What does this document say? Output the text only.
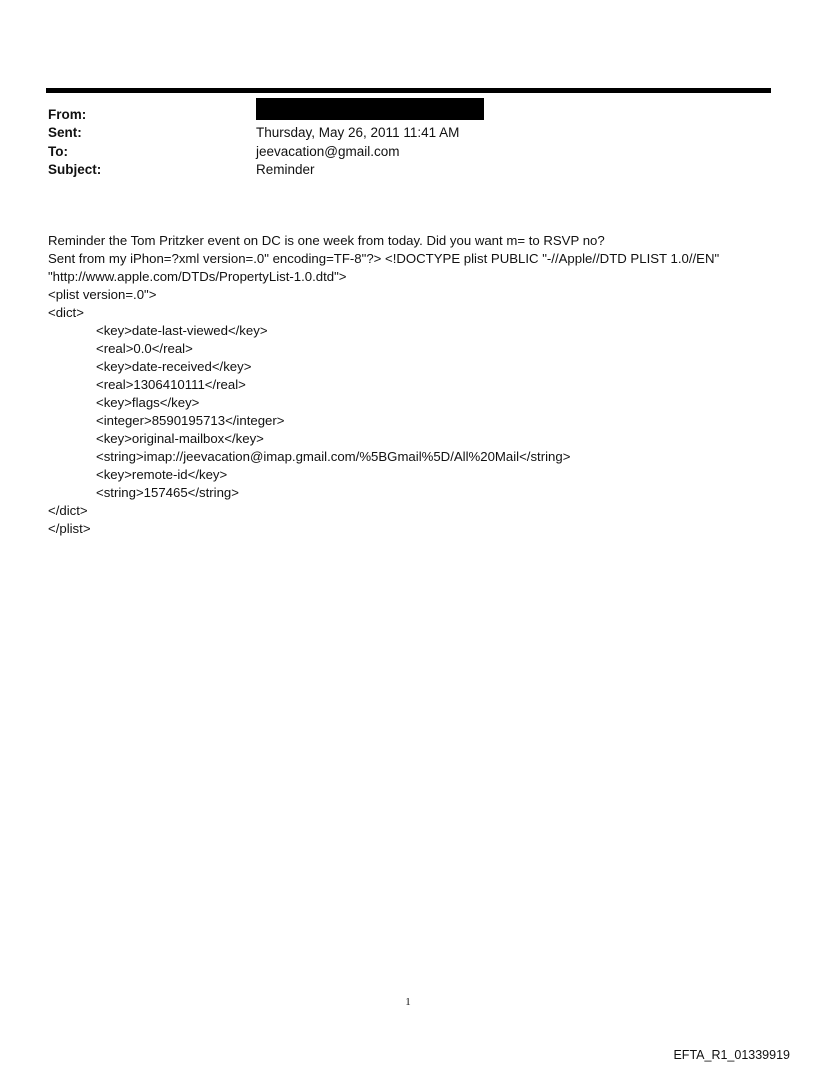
From:
Sent:	Thursday, May 26, 2011 11:41 AM
To:	jeevacation@gmail.com
Subject:	Reminder
Reminder the Tom Pritzker event on DC is one week from today. Did you want m= to RSVP no?
Sent from my iPhon=?xml version=.0" encoding=TF-8"?> <!DOCTYPE plist PUBLIC "-//Apple//DTD PLIST 1.0//EN"
"http://www.apple.com/DTDs/PropertyList-1.0.dtd">
<plist version=.0">
<dict>
<key>date-last-viewed</key>
<real>0.0</real>
<key>date-received</key>
<real>1306410111</real>
<key>flags</key>
<integer>8590195713</integer>
<key>original-mailbox</key>
<string>imap://jeevacation@imap.gmail.com/%5BGmail%5D/All%20Mail</string>
<key>remote-id</key>
<string>157465</string>
</dict>
</plist>
1
EFTA_R1_01339919
